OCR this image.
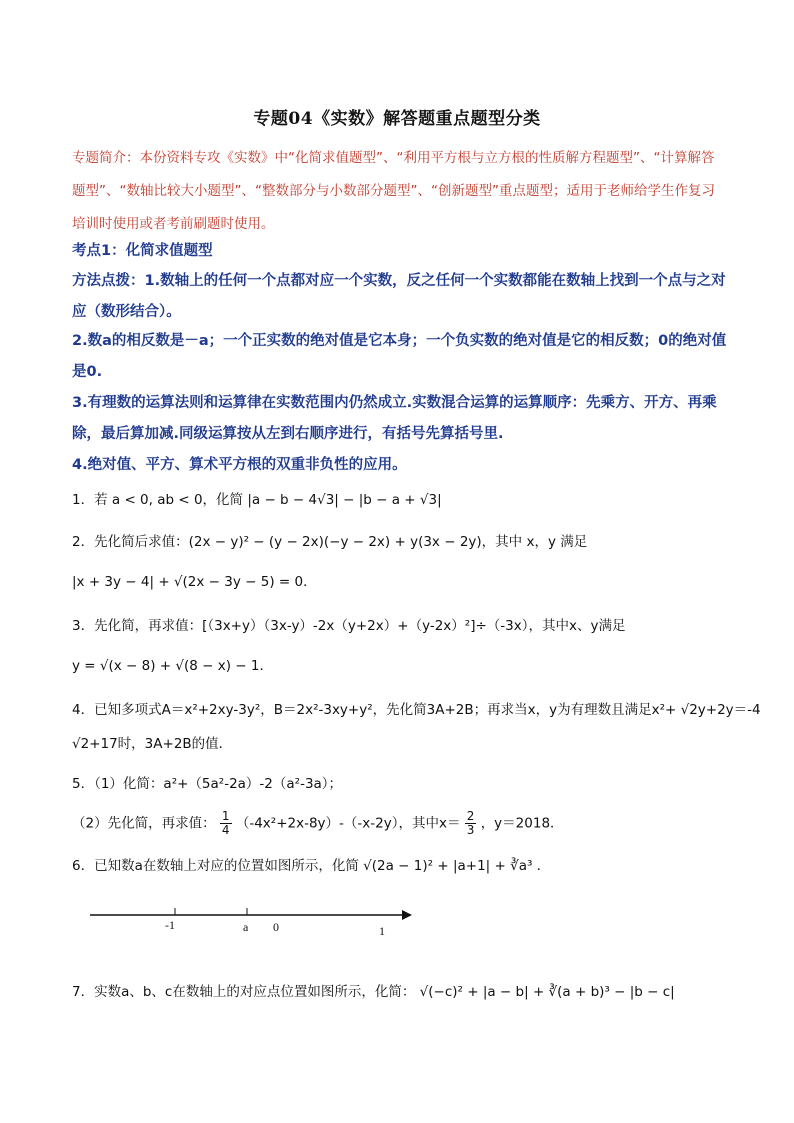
专题04《实数》解答题重点题型分类
专题简介：本份资料专攻《实数》中“化简求值题型”、“利用平方根与立方根的性质解方程题型”、“计算解答题型”、“数轴比较大小题型”、“整数部分与小数部分题型”、“创新题型”重点题型；适用于老师给学生作复习培训时使用或者考前刷题时使用。
考点1：化简求值题型
方法点拨：1.数轴上的任何一个点都对应一个实数，反之任何一个实数都能在数轴上找到一个点与之对应（数形结合）。
2.数a的相反数是－a；一个正实数的绝对值是它本身；一个负实数的绝对值是它的相反数；0的绝对值是0.
3.有理数的运算法则和运算律在实数范围内仍然成立.实数混合运算的运算顺序：先乘方、开方、再乘除，最后算加减.同级运算按从左到右顺序进行，有括号先算括号里.
4.绝对值、平方、算术平方根的双重非负性的应用。
1．若 a < 0, ab < 0，化简 |a − b − 4√3| − |b − a + √3|
2．先化简后求值：(2x − y)² − (y − 2x)(−y − 2x) + y(3x − 2y)，其中 x，y 满足
|x + 3y − 4| + √(2x − 3y − 5) = 0．
3．先化简，再求值：[（3x+y）（3x-y）-2x（y+2x）+（y-2x）²]÷（-3x），其中x、y满足
y = √(x − 8) + √(8 − x) − 1．
4．已知多项式A＝x²+2xy-3y²，B＝2x²-3xy+y²，先化简3A+2B；再求当x，y为有理数且满足x²+ √2y+2y＝-4
√2+17时，3A+2B的值．
5．（1）化简：a²+（5a²-2a）-2（a²-3a）；
（2）先化简，再求值： $\frac{1}{4} (-4x^2+2x-8y)-(-x-2y)$，其中$x= \frac{2}{3}$ ，y＝2018．
6．已知数a在数轴上对应的位置如图所示，化简 √(2a − 1)² + |a+1| + ∛a³ ．
-1	a 0	1
7．实数a、b、c在数轴上的对应点位置如图所示，化简： √(−c)² + |a − b| + ∛(a + b)³ − |b − c|
